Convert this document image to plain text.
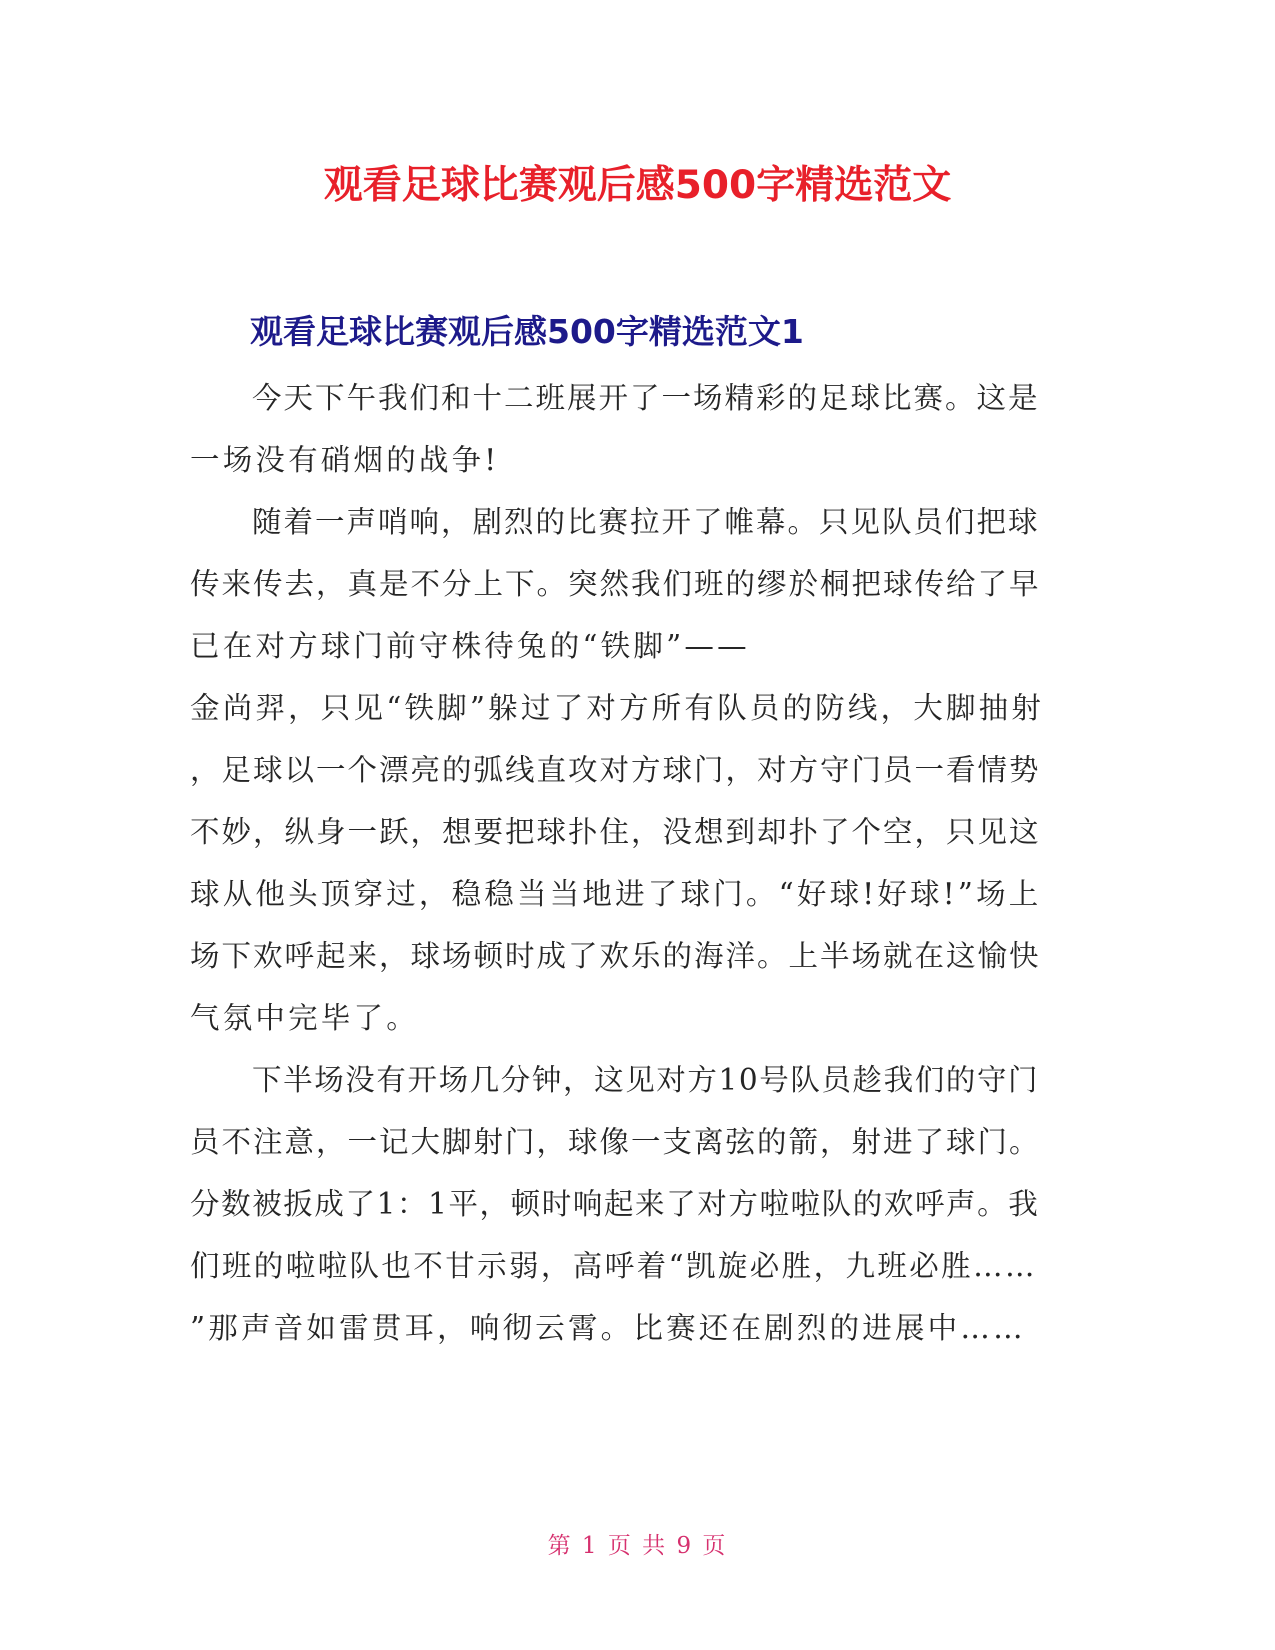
观看足球比赛观后感500字精选范文
观看足球比赛观后感500字精选范文1
今天下午我们和十二班展开了一场精彩的足球比赛。这是
一场没有硝烟的战争!
随着一声哨响，剧烈的比赛拉开了帷幕。只见队员们把球
传来传去，真是不分上下。突然我们班的缪於桐把球传给了早
已在对方球门前守株待兔的“铁脚”——
金尚羿，只见“铁脚”躲过了对方所有队员的防线，大脚抽射
，足球以一个漂亮的弧线直攻对方球门，对方守门员一看情势
不妙，纵身一跃，想要把球扑住，没想到却扑了个空，只见这
球从他头顶穿过，稳稳当当地进了球门。“好球!好球!”场上
场下欢呼起来，球场顿时成了欢乐的海洋。上半场就在这愉快
气氛中完毕了。
下半场没有开场几分钟，这见对方10号队员趁我们的守门
员不注意，一记大脚射门，球像一支离弦的箭，射进了球门。
分数被扳成了1：1平，顿时响起来了对方啦啦队的欢呼声。我
们班的啦啦队也不甘示弱，高呼着“凯旋必胜，九班必胜……
”那声音如雷贯耳，响彻云霄。比赛还在剧烈的进展中……
第 1 页 共 9 页
